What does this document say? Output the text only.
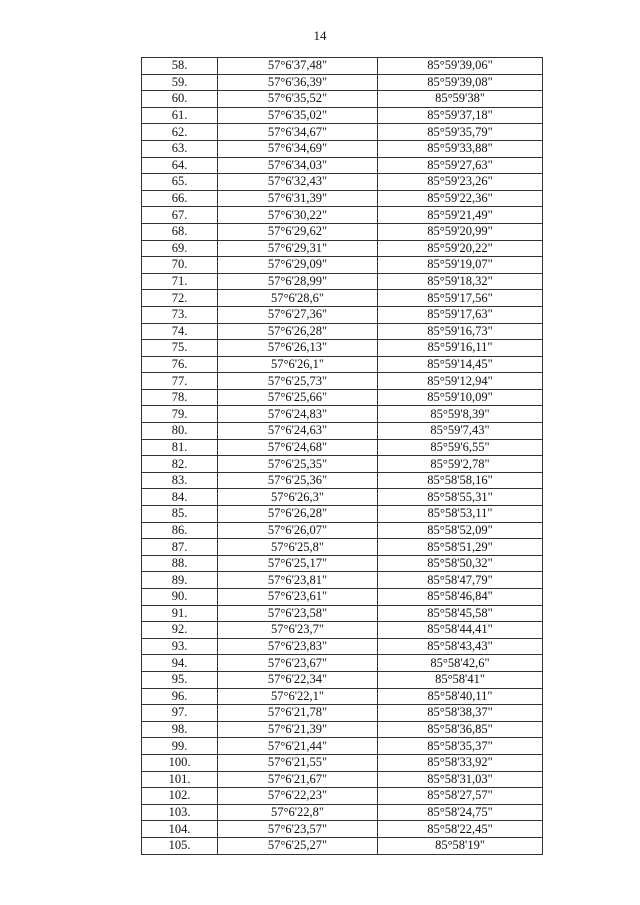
14
58.	57°6'37,48"	85°59'39,06"
59.	57°6'36,39"	85°59'39,08"
60.	57°6'35,52"	85°59'38"
61.	57°6'35,02"	85°59'37,18"
62.	57°6'34,67"	85°59'35,79"
63.	57°6'34,69"	85°59'33,88"
64.	57°6'34,03"	85°59'27,63"
65.	57°6'32,43"	85°59'23,26"
66.	57°6'31,39"	85°59'22,36"
67.	57°6'30,22"	85°59'21,49"
68.	57°6'29,62"	85°59'20,99"
69.	57°6'29,31"	85°59'20,22"
70.	57°6'29,09"	85°59'19,07"
71.	57°6'28,99"	85°59'18,32"
72.	57°6'28,6"	85°59'17,56"
73.	57°6'27,36"	85°59'17,63"
74.	57°6'26,28"	85°59'16,73"
75.	57°6'26,13"	85°59'16,11"
76.	57°6'26,1"	85°59'14,45"
77.	57°6'25,73"	85°59'12,94"
78.	57°6'25,66"	85°59'10,09"
79.	57°6'24,83"	85°59'8,39"
80.	57°6'24,63"	85°59'7,43"
81.	57°6'24,68"	85°59'6,55"
82.	57°6'25,35"	85°59'2,78"
83.	57°6'25,36"	85°58'58,16"
84.	57°6'26,3"	85°58'55,31"
85.	57°6'26,28"	85°58'53,11"
86.	57°6'26,07"	85°58'52,09"
87.	57°6'25,8"	85°58'51,29"
88.	57°6'25,17"	85°58'50,32"
89.	57°6'23,81"	85°58'47,79"
90.	57°6'23,61"	85°58'46,84"
91.	57°6'23,58"	85°58'45,58"
92.	57°6'23,7"	85°58'44,41"
93.	57°6'23,83"	85°58'43,43"
94.	57°6'23,67"	85°58'42,6"
95.	57°6'22,34"	85°58'41"
96.	57°6'22,1"	85°58'40,11"
97.	57°6'21,78"	85°58'38,37"
98.	57°6'21,39"	85°58'36,85"
99.	57°6'21,44"	85°58'35,37"
100.	57°6'21,55"	85°58'33,92"
101.	57°6'21,67"	85°58'31,03"
102.	57°6'22,23"	85°58'27,57"
103.	57°6'22,8"	85°58'24,75"
104.	57°6'23,57"	85°58'22,45"
105.	57°6'25,27"	85°58'19"
